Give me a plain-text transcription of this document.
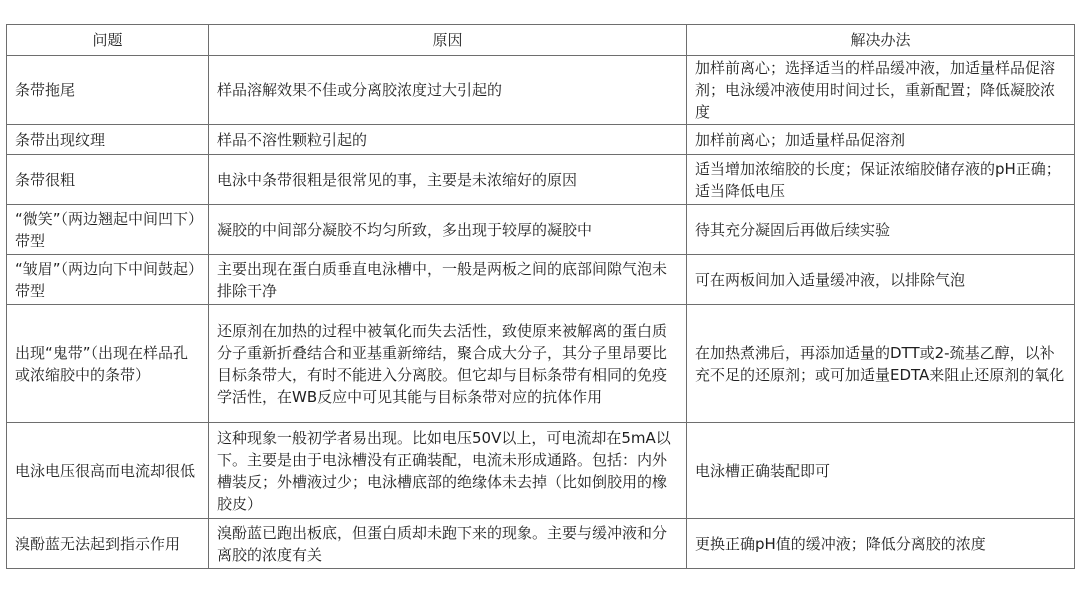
问题	原因	解决办法
条带拖尾	样品溶解效果不佳或分离胶浓度过大引起的	加样前离心；选择适当的样品缓冲液，加适量样品促溶剂；电泳缓冲液使用时间过长，重新配置；降低凝胶浓度
条带出现纹理	样品不溶性颗粒引起的	加样前离心；加适量样品促溶剂
条带很粗	电泳中条带很粗是很常见的事，主要是未浓缩好的原因	适当增加浓缩胶的长度；保证浓缩胶储存液的pH正确；适当降低电压
“微笑”（两边翘起中间凹下）带型	凝胶的中间部分凝胶不均匀所致，多出现于较厚的凝胶中	待其充分凝固后再做后续实验
“皱眉”（两边向下中间鼓起）带型	主要出现在蛋白质垂直电泳槽中，一般是两板之间的底部间隙气泡未排除干净	可在两板间加入适量缓冲液，以排除气泡
出现“鬼带”（出现在样品孔或浓缩胶中的条带）	还原剂在加热的过程中被氧化而失去活性，致使原来被解离的蛋白质分子重新折叠结合和亚基重新缔结，聚合成大分子，其分子里昂要比目标条带大，有时不能进入分离胶。但它却与目标条带有相同的免疫学活性，在WB反应中可见其能与目标条带对应的抗体作用	在加热煮沸后，再添加适量的DTT或2-巯基乙醇，以补充不足的还原剂；或可加适量EDTA来阻止还原剂的氧化
电泳电压很高而电流却很低	这种现象一般初学者易出现。比如电压50V以上，可电流却在5mA以下。主要是由于电泳槽没有正确装配，电流未形成通路。包括：内外槽装反；外槽液过少；电泳槽底部的绝缘体未去掉（比如倒胶用的橡胶皮）	电泳槽正确装配即可
溴酚蓝无法起到指示作用	溴酚蓝已跑出板底，但蛋白质却未跑下来的现象。主要与缓冲液和分离胶的浓度有关	更换正确pH值的缓冲液；降低分离胶的浓度
